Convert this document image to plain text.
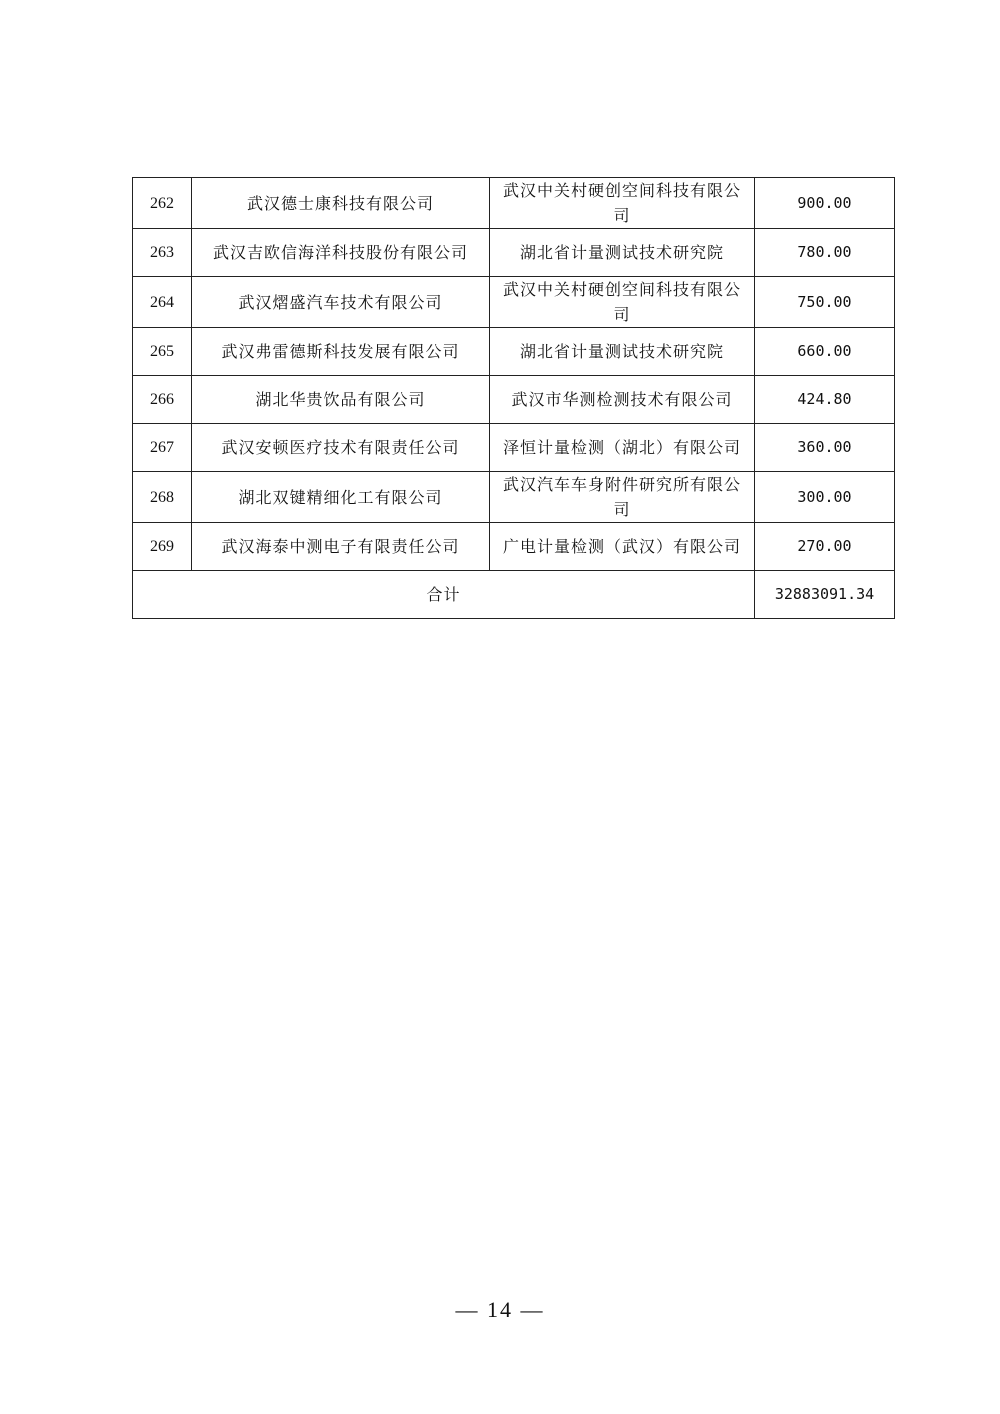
262	武汉德士康科技有限公司	武汉中关村硬创空间科技有限公司	900.00
263	武汉吉欧信海洋科技股份有限公司	湖北省计量测试技术研究院	780.00
264	武汉熠盛汽车技术有限公司	武汉中关村硬创空间科技有限公司	750.00
265	武汉弗雷德斯科技发展有限公司	湖北省计量测试技术研究院	660.00
266	湖北华贵饮品有限公司	武汉市华测检测技术有限公司	424.80
267	武汉安顿医疗技术有限责任公司	泽恒计量检测（湖北）有限公司	360.00
268	湖北双键精细化工有限公司	武汉汽车车身附件研究所有限公司	300.00
269	武汉海泰中测电子有限责任公司	广电计量检测（武汉）有限公司	270.00
合计			32883091.34
— 14 —
